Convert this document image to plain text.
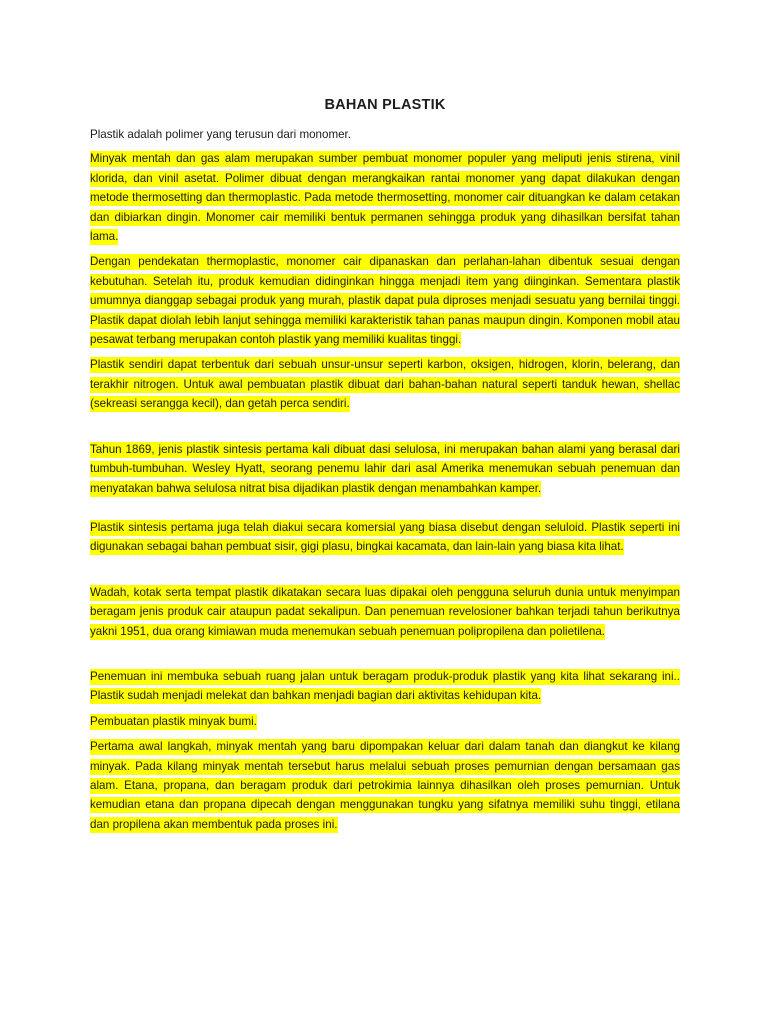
BAHAN PLASTIK

Plastik adalah polimer yang terusun dari monomer.

Minyak mentah dan gas alam merupakan sumber pembuat monomer populer yang meliputi jenis stirena, vinil klorida, dan vinil asetat. Polimer dibuat dengan merangkaikan rantai monomer yang dapat dilakukan dengan metode thermosetting dan thermoplastic. Pada metode thermosetting, monomer cair dituangkan ke dalam cetakan dan dibiarkan dingin. Monomer cair memiliki bentuk permanen sehingga produk yang dihasilkan bersifat tahan lama.

Dengan pendekatan thermoplastic, monomer cair dipanaskan dan perlahan-lahan dibentuk sesuai dengan kebutuhan. Setelah itu, produk kemudian didinginkan hingga menjadi item yang diinginkan. Sementara plastik umumnya dianggap sebagai produk yang murah, plastik dapat pula diproses menjadi sesuatu yang bernilai tinggi. Plastik dapat diolah lebih lanjut sehingga memiliki karakteristik tahan panas maupun dingin. Komponen mobil atau pesawat terbang merupakan contoh plastik yang memiliki kualitas tinggi.

Plastik sendiri dapat terbentuk dari sebuah unsur-unsur seperti karbon, oksigen, hidrogen, klorin, belerang, dan terakhir nitrogen. Untuk awal pembuatan plastik dibuat dari bahan-bahan natural seperti tanduk hewan, shellac (sekreasi serangga kecil), dan getah perca sendiri.

Tahun 1869, jenis plastik sintesis pertama kali dibuat dasi selulosa, ini merupakan bahan alami yang berasal dari tumbuh-tumbuhan. Wesley Hyatt, seorang penemu lahir dari asal Amerika menemukan sebuah penemuan dan menyatakan bahwa selulosa nitrat bisa dijadikan plastik dengan menambahkan kamper.

Plastik sintesis pertama juga telah diakui secara komersial yang biasa disebut dengan seluloid. Plastik seperti ini digunakan sebagai bahan pembuat sisir, gigi plasu, bingkai kacamata, dan lain-lain yang biasa kita lihat.

Wadah, kotak serta tempat plastik dikatakan secara luas dipakai oleh pengguna seluruh dunia untuk menyimpan beragam jenis produk cair ataupun padat sekalipun. Dan penemuan revelosioner bahkan terjadi tahun berikutnya yakni 1951, dua orang kimiawan muda menemukan sebuah penemuan polipropilena dan polietilena.

Penemuan ini membuka sebuah ruang jalan untuk beragam produk-produk plastik yang kita lihat sekarang ini.. Plastik sudah menjadi melekat dan bahkan menjadi bagian dari aktivitas kehidupan kita.

Pembuatan plastik minyak bumi.

Pertama awal langkah, minyak mentah yang baru dipompakan keluar dari dalam tanah dan diangkut ke kilang minyak. Pada kilang minyak mentah tersebut harus melalui sebuah proses pemurnian dengan bersamaan gas alam. Etana, propana, dan beragam produk dari petrokimia lainnya dihasilkan oleh proses pemurnian. Untuk kemudian etana dan propana dipecah dengan menggunakan tungku yang sifatnya memiliki suhu tinggi, etilana dan propilena akan membentuk pada proses ini.
